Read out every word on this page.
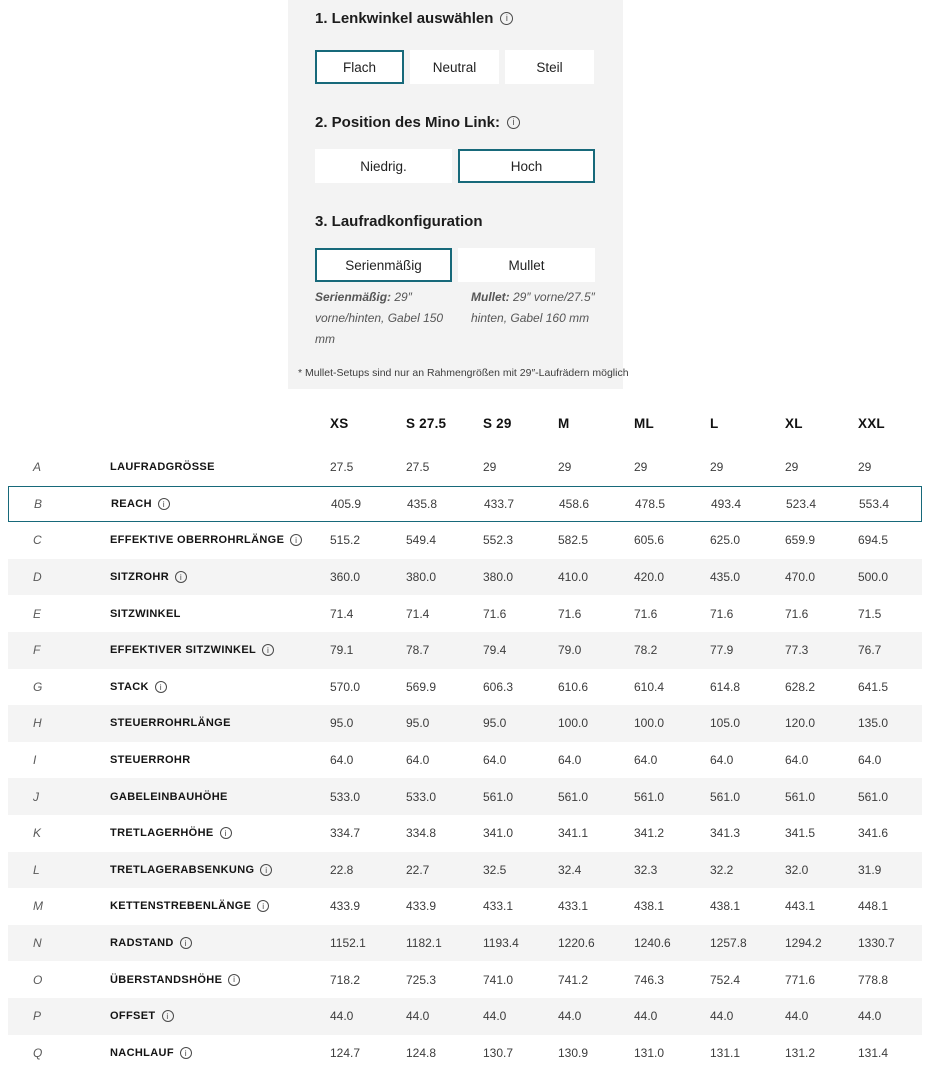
1. Lenkwinkel auswählen	i
Flach	Neutral	Steil
2. Position des Mino Link:	i
Niedrig.	Hoch
3. Laufradkonfiguration
Serienmäßig	Mullet
Serienmäßig: 29″ vorne/hinten, Gabel 150 mm
Mullet: 29″ vorne/27.5″ hinten, Gabel 160 mm
* Mullet-Setups sind nur an Rahmengrößen mit 29″-Laufrädern möglich
XS	S 27.5	S 29	M	ML	L	XL	XXL
A	LAUFRADGRÖSSE	27.5	27.5	29	29	29	29	29	29
B	REACH	i	405.9	435.8	433.7	458.6	478.5	493.4	523.4	553.4
C	EFFEKTIVE OBERROHRLÄNGE	i	515.2	549.4	552.3	582.5	605.6	625.0	659.9	694.5
D	SITZROHR	i	360.0	380.0	380.0	410.0	420.0	435.0	470.0	500.0
E	SITZWINKEL	71.4	71.4	71.6	71.6	71.6	71.6	71.6	71.5
F	EFFEKTIVER SITZWINKEL	i	79.1	78.7	79.4	79.0	78.2	77.9	77.3	76.7
G	STACK	i	570.0	569.9	606.3	610.6	610.4	614.8	628.2	641.5
H	STEUERROHRLÄNGE	95.0	95.0	95.0	100.0	100.0	105.0	120.0	135.0
I	STEUERROHR	64.0	64.0	64.0	64.0	64.0	64.0	64.0	64.0
J	GABELEINBAUHÖHE	533.0	533.0	561.0	561.0	561.0	561.0	561.0	561.0
K	TRETLAGERHÖHE	i	334.7	334.8	341.0	341.1	341.2	341.3	341.5	341.6
L	TRETLAGERABSENKUNG	i	22.8	22.7	32.5	32.4	32.3	32.2	32.0	31.9
M	KETTENSTREBENLÄNGE	i	433.9	433.9	433.1	433.1	438.1	438.1	443.1	448.1
N	RADSTAND	i	1152.1	1182.1	1193.4	1220.6	1240.6	1257.8	1294.2	1330.7
O	ÜBERSTANDSHÖHE	i	718.2	725.3	741.0	741.2	746.3	752.4	771.6	778.8
P	OFFSET	i	44.0	44.0	44.0	44.0	44.0	44.0	44.0	44.0
Q	NACHLAUF	i	124.7	124.8	130.7	130.9	131.0	131.1	131.2	131.4
